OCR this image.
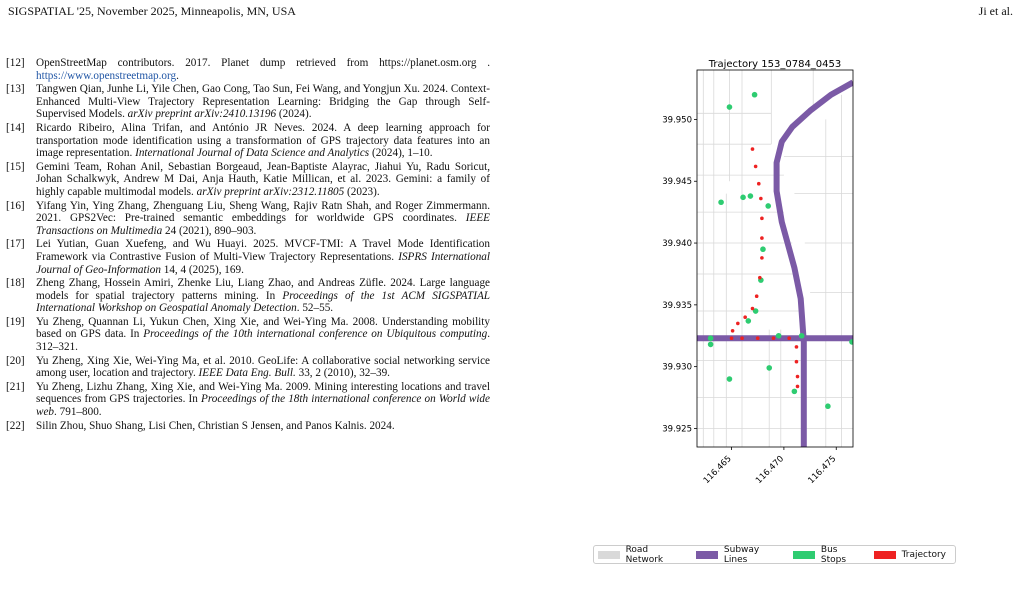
SIGSPATIAL '25, November 2025, Minneapolis, MN, USA	Ji et al.
[12]	OpenStreetMap contributors. 2017. Planet dump retrieved from https://planet.osm.org . https://www.openstreetmap.org.
[13]	Tangwen Qian, Junhe Li, Yile Chen, Gao Cong, Tao Sun, Fei Wang, and Yongjun Xu. 2024. Context-Enhanced Multi-View Trajectory Representation Learning: Bridging the Gap through Self-Supervised Models. arXiv preprint arXiv:2410.13196 (2024).
[14]	Ricardo Ribeiro, Alina Trifan, and António JR Neves. 2024. A deep learning approach for transportation mode identification using a transformation of GPS trajectory data features into an image representation. International Journal of Data Science and Analytics (2024), 1–10.
[15]	Gemini Team, Rohan Anil, Sebastian Borgeaud, Jean-Baptiste Alayrac, Jiahui Yu, Radu Soricut, Johan Schalkwyk, Andrew M Dai, Anja Hauth, Katie Millican, et al. 2023. Gemini: a family of highly capable multimodal models. arXiv preprint arXiv:2312.11805 (2023).
[16]	Yifang Yin, Ying Zhang, Zhenguang Liu, Sheng Wang, Rajiv Ratn Shah, and Roger Zimmermann. 2021. GPS2Vec: Pre-trained semantic embeddings for worldwide GPS coordinates. IEEE Transactions on Multimedia 24 (2021), 890–903.
[17]	Lei Yutian, Guan Xuefeng, and Wu Huayi. 2025. MVCF-TMI: A Travel Mode Identification Framework via Contrastive Fusion of Multi-View Trajectory Representations. ISPRS International Journal of Geo-Information 14, 4 (2025), 169.
[18]	Zheng Zhang, Hossein Amiri, Zhenke Liu, Liang Zhao, and Andreas Züfle. 2024. Large language models for spatial trajectory patterns mining. In Proceedings of the 1st ACM SIGSPATIAL International Workshop on Geospatial Anomaly Detection. 52–55.
[19]	Yu Zheng, Quannan Li, Yukun Chen, Xing Xie, and Wei-Ying Ma. 2008. Understanding mobility based on GPS data. In Proceedings of the 10th international conference on Ubiquitous computing. 312–321.
[20]	Yu Zheng, Xing Xie, Wei-Ying Ma, et al. 2010. GeoLife: A collaborative social networking service among user, location and trajectory. IEEE Data Eng. Bull. 33, 2 (2010), 32–39.
[21]	Yu Zheng, Lizhu Zhang, Xing Xie, and Wei-Ying Ma. 2009. Mining interesting locations and travel sequences from GPS trajectories. In Proceedings of the 18th international conference on World wide web. 791–800.
[22]	Silin Zhou, Shuo Shang, Lisi Chen, Christian S Jensen, and Panos Kalnis. 2024.
Trajectory 153_0784_0453
39.925
39.930
39.935
39.940
39.945
39.950
116.465 116.470 116.475
Road Network
Subway Lines
Bus Stops	Trajectory
